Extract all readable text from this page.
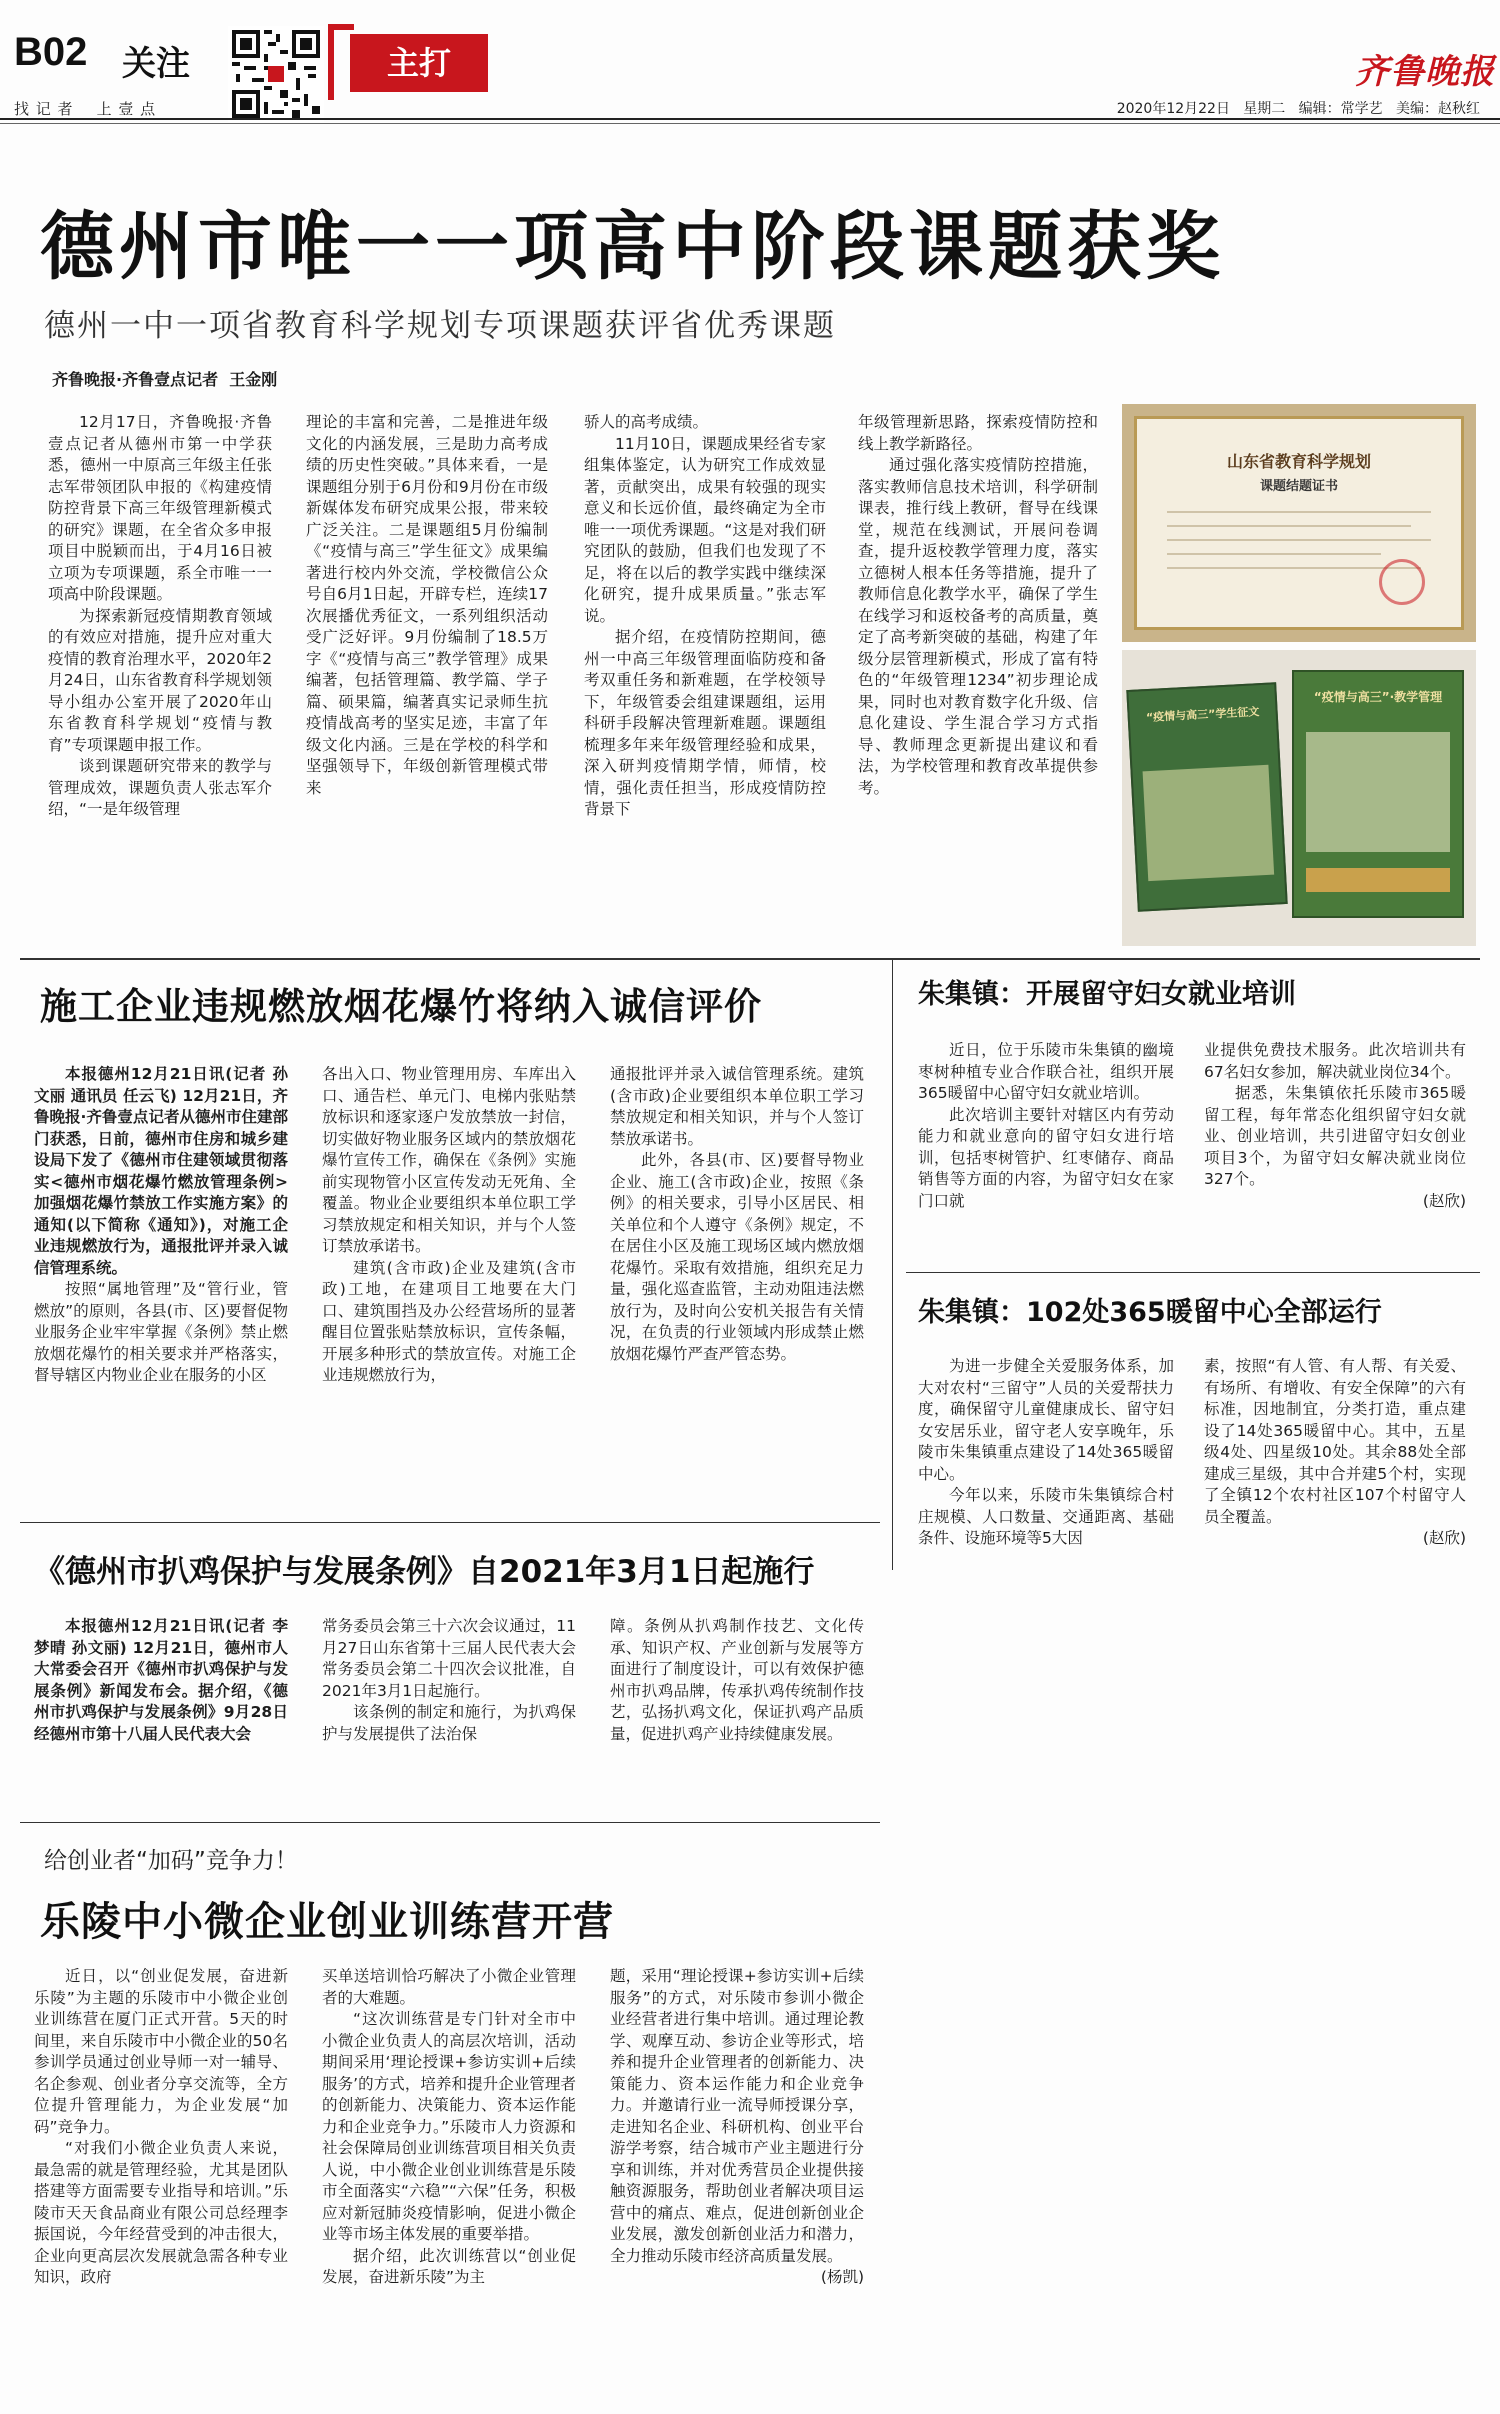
B02 关注
找 记 者    上 壹 点
主打	齐鲁晚报
2020年12月22日   星期二   编辑：常学艺   美编：赵秋红
德州市唯一一项高中阶段课题获奖
德州一中一项省教育科学规划专项课题获评省优秀课题
齐鲁晚报·齐鲁壹点记者  王金刚

12月17日，齐鲁晚报·齐鲁壹点记者从德州市第一中学获悉，德州一中原高三年级主任张志军带领团队申报的《构建疫情防控背景下高三年级管理新模式的研究》课题，在全省众多申报项目中脱颖而出，于4月16日被立项为专项课题，系全市唯一一项高中阶段课题。

为探索新冠疫情期教育领域的有效应对措施，提升应对重大疫情的教育治理水平，2020年2月24日，山东省教育科学规划领导小组办公室开展了2020年山东省教育科学规划“疫情与教育”专项课题申报工作。

谈到课题研究带来的教学与管理成效，课题负责人张志军介绍，“一是年级管理

理论的丰富和完善，二是推进年级文化的内涵发展，三是助力高考成绩的历史性突破。”具体来看，一是课题组分别于6月份和9月份在市级新媒体发布研究成果公报，带来较广泛关注。二是课题组5月份编制《“疫情与高三”学生征文》成果编著进行校内外交流，学校微信公众号自6月1日起，开辟专栏，连续17次展播优秀征文，一系列组织活动受广泛好评。9月份编制了18.5万字《“疫情与高三”教学管理》成果编著，包括管理篇、教学篇、学子篇、硕果篇，编著真实记录师生抗疫情战高考的坚实足迹，丰富了年级文化内涵。三是在学校的科学和坚强领导下，年级创新管理模式带来

骄人的高考成绩。

11月10日，课题成果经省专家组集体鉴定，认为研究工作成效显著，贡献突出，成果有较强的现实意义和长远价值，最终确定为全市唯一一项优秀课题。“这是对我们研究团队的鼓励，但我们也发现了不足，将在以后的教学实践中继续深化研究，提升成果质量。”张志军说。

据介绍，在疫情防控期间，德州一中高三年级管理面临防疫和备考双重任务和新难题，在学校领导下，年级管委会组建课题组，运用科研手段解决管理新难题。课题组梳理多年来年级管理经验和成果，深入研判疫情期学情，师情，校情，强化责任担当，形成疫情防控背景下

年级管理新思路，探索疫情防控和线上教学新路径。

通过强化落实疫情防控措施，落实教师信息技术培训，科学研制课表，推行线上教研，督导在线课堂，规范在线测试，开展问卷调查，提升返校教学管理力度，落实立德树人根本任务等措施，提升了教师信息化教学水平，确保了学生在线学习和返校备考的高质量，奠定了高考新突破的基础，构建了年级分层管理新模式，形成了富有特色的“年级管理1234”初步理论成果，同时也对教育数字化升级、信息化建设、学生混合学习方式指导、教师理念更新提出建议和看法，为学校管理和教育改革提供参考。

山东省教育科学规划
课题结题证书
“疫情与高三”学生征文
“疫情与高三”·教学管理
施工企业违规燃放烟花爆竹将纳入诚信评价

本报德州12月21日讯(记者 孙文丽 通讯员 任云飞) 12月21日，齐鲁晚报·齐鲁壹点记者从德州市住建部门获悉，日前，德州市住房和城乡建设局下发了《德州市住建领域贯彻落实<德州市烟花爆竹燃放管理条例>加强烟花爆竹禁放工作实施方案》的通知(以下简称《通知》)，对施工企业违规燃放行为，通报批评并录入诚信管理系统。

按照“属地管理”及“管行业，管燃放”的原则，各县(市、区)要督促物业服务企业牢牢掌握《条例》禁止燃放烟花爆竹的相关要求并严格落实，督导辖区内物业企业在服务的小区

各出入口、物业管理用房、车库出入口、通告栏、单元门、电梯内张贴禁放标识和逐家逐户发放禁放一封信，切实做好物业服务区域内的禁放烟花爆竹宣传工作，确保在《条例》实施前实现物管小区宣传发动无死角、全覆盖。物业企业要组织本单位职工学习禁放规定和相关知识，并与个人签订禁放承诺书。

建筑(含市政)企业及建筑(含市政)工地，在建项目工地要在大门口、建筑围挡及办公经营场所的显著醒目位置张贴禁放标识，宣传条幅，开展多种形式的禁放宣传。对施工企业违规燃放行为，

通报批评并录入诚信管理系统。建筑(含市政)企业要组织本单位职工学习禁放规定和相关知识，并与个人签订禁放承诺书。

此外，各县(市、区)要督导物业企业、施工(含市政)企业，按照《条例》的相关要求，引导小区居民、相关单位和个人遵守《条例》规定，不在居住小区及施工现场区域内燃放烟花爆竹。采取有效措施，组织充足力量，强化巡查监管，主动劝阻违法燃放行为，及时向公安机关报告有关情况，在负责的行业领域内形成禁止燃放烟花爆竹严查严管态势。

《德州市扒鸡保护与发展条例》自2021年3月1日起施行

本报德州12月21日讯(记者 李梦晴 孙文丽) 12月21日，德州市人大常委会召开《德州市扒鸡保护与发展条例》新闻发布会。据介绍，《德州市扒鸡保护与发展条例》9月28日经德州市第十八届人民代表大会

常务委员会第三十六次会议通过，11月27日山东省第十三届人民代表大会常务委员会第二十四次会议批准，自2021年3月1日起施行。

该条例的制定和施行，为扒鸡保护与发展提供了法治保

障。条例从扒鸡制作技艺、文化传承、知识产权、产业创新与发展等方面进行了制度设计，可以有效保护德州市扒鸡品牌，传承扒鸡传统制作技艺，弘扬扒鸡文化，保证扒鸡产品质量，促进扒鸡产业持续健康发展。

给创业者“加码”竞争力！
乐陵中小微企业创业训练营开营

近日，以“创业促发展，奋进新乐陵”为主题的乐陵市中小微企业创业训练营在厦门正式开营。5天的时间里，来自乐陵市中小微企业的50名参训学员通过创业导师一对一辅导、名企参观、创业者分享交流等，全方位提升管理能力，为企业发展“加码”竞争力。

“对我们小微企业负责人来说，最急需的就是管理经验，尤其是团队搭建等方面需要专业指导和培训。”乐陵市天天食品商业有限公司总经理李振国说，今年经营受到的冲击很大，企业向更高层次发展就急需各种专业知识，政府

买单送培训恰巧解决了小微企业管理者的大难题。

“这次训练营是专门针对全市中小微企业负责人的高层次培训，活动期间采用‘理论授课+参访实训+后续服务’的方式，培养和提升企业管理者的创新能力、决策能力、资本运作能力和企业竞争力。”乐陵市人力资源和社会保障局创业训练营项目相关负责人说，中小微企业创业训练营是乐陵市全面落实“六稳”“六保”任务，积极应对新冠肺炎疫情影响，促进小微企业等市场主体发展的重要举措。

据介绍，此次训练营以“创业促发展，奋进新乐陵”为主

题，采用“理论授课+参访实训+后续服务”的方式，对乐陵市参训小微企业经营者进行集中培训。通过理论教学、观摩互动、参访企业等形式，培养和提升企业管理者的创新能力、决策能力、资本运作能力和企业竞争力。并邀请行业一流导师授课分享，走进知名企业、科研机构、创业平台游学考察，结合城市产业主题进行分享和训练，并对优秀营员企业提供接触资源服务，帮助创业者解决项目运营中的痛点、难点，促进创新创业企业发展，激发创新创业活力和潜力，全力推动乐陵市经济高质量发展。

(杨凯)

朱集镇：开展留守妇女就业培训

近日，位于乐陵市朱集镇的幽境枣树种植专业合作联合社，组织开展365暖留中心留守妇女就业培训。

此次培训主要针对辖区内有劳动能力和就业意向的留守妇女进行培训，包括枣树管护、红枣储存、商品销售等方面的内容，为留守妇女在家门口就

业提供免费技术服务。此次培训共有67名妇女参加，解决就业岗位34个。

据悉，朱集镇依托乐陵市365暖留工程，每年常态化组织留守妇女就业、创业培训，共引进留守妇女创业项目3个，为留守妇女解决就业岗位327个。

(赵欣)

朱集镇：102处365暖留中心全部运行

为进一步健全关爱服务体系，加大对农村“三留守”人员的关爱帮扶力度，确保留守儿童健康成长、留守妇女安居乐业，留守老人安享晚年，乐陵市朱集镇重点建设了14处365暖留中心。

今年以来，乐陵市朱集镇综合村庄规模、人口数量、交通距离、基础条件、设施环境等5大因

素，按照“有人管、有人帮、有关爱、有场所、有增收、有安全保障”的六有标准，因地制宜，分类打造，重点建设了14处365暖留中心。其中，五星级4处、四星级10处。其余88处全部建成三星级，其中合并建5个村，实现了全镇12个农村社区107个村留守人员全覆盖。

(赵欣)
